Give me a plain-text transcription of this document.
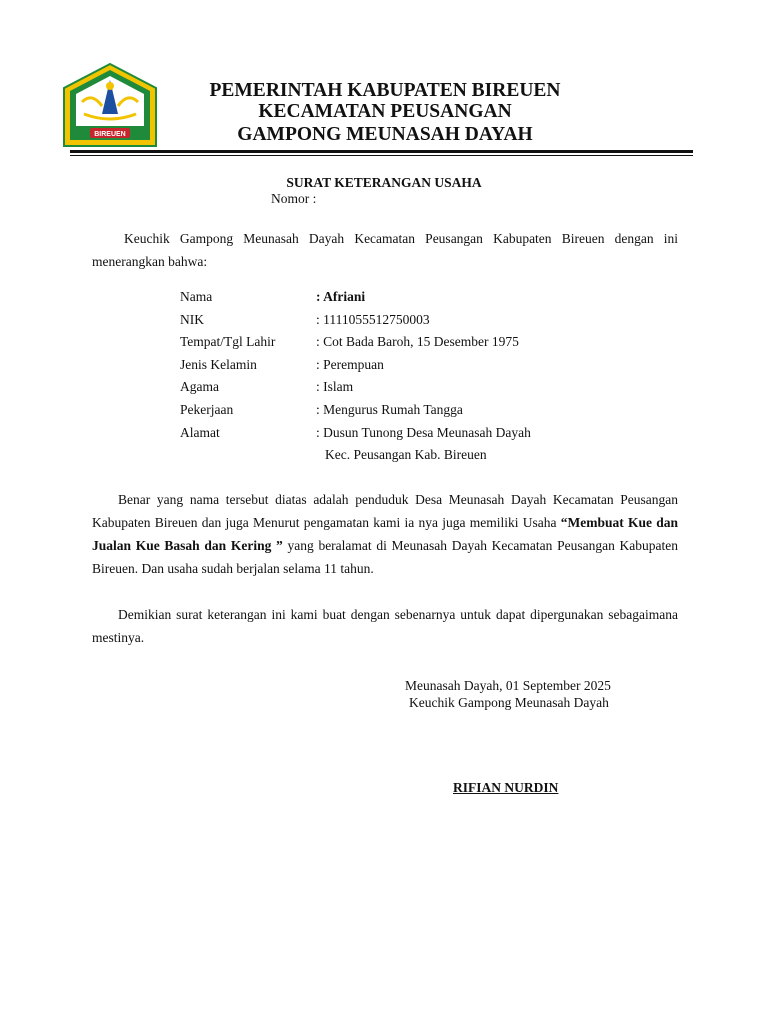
BIREUEN
PEMERINTAH KABUPATEN BIREUEN
KECAMATAN PEUSANGAN
GAMPONG MEUNASAH DAYAH
SURAT KETERANGAN USAHA
Nomor :
Keuchik Gampong Meunasah Dayah Kecamatan Peusangan Kabupaten Bireuen dengan ini menerangkan bahwa:
Nama	: Afriani
NIK	: 1111055512750003
Tempat/Tgl Lahir	: Cot Bada Baroh, 15 Desember 1975
Jenis Kelamin	: Perempuan
Agama	: Islam
Pekerjaan	: Mengurus Rumah Tangga
Alamat	: Dusun Tunong Desa Meunasah Dayah
Kec. Peusangan Kab. Bireuen
Benar yang nama tersebut diatas adalah penduduk Desa Meunasah Dayah Kecamatan Peusangan Kabupaten Bireuen dan juga Menurut pengamatan kami ia nya juga memiliki Usaha “Membuat Kue dan Jualan Kue Basah dan Kering ” yang beralamat di Meunasah Dayah Kecamatan Peusangan Kabupaten Bireuen. Dan usaha sudah berjalan selama 11 tahun.
Demikian surat keterangan ini kami buat dengan sebenarnya untuk dapat dipergunakan sebagaimana mestinya.
Meunasah Dayah, 01 September 2025
Keuchik Gampong Meunasah Dayah
RIFIAN NURDIN
